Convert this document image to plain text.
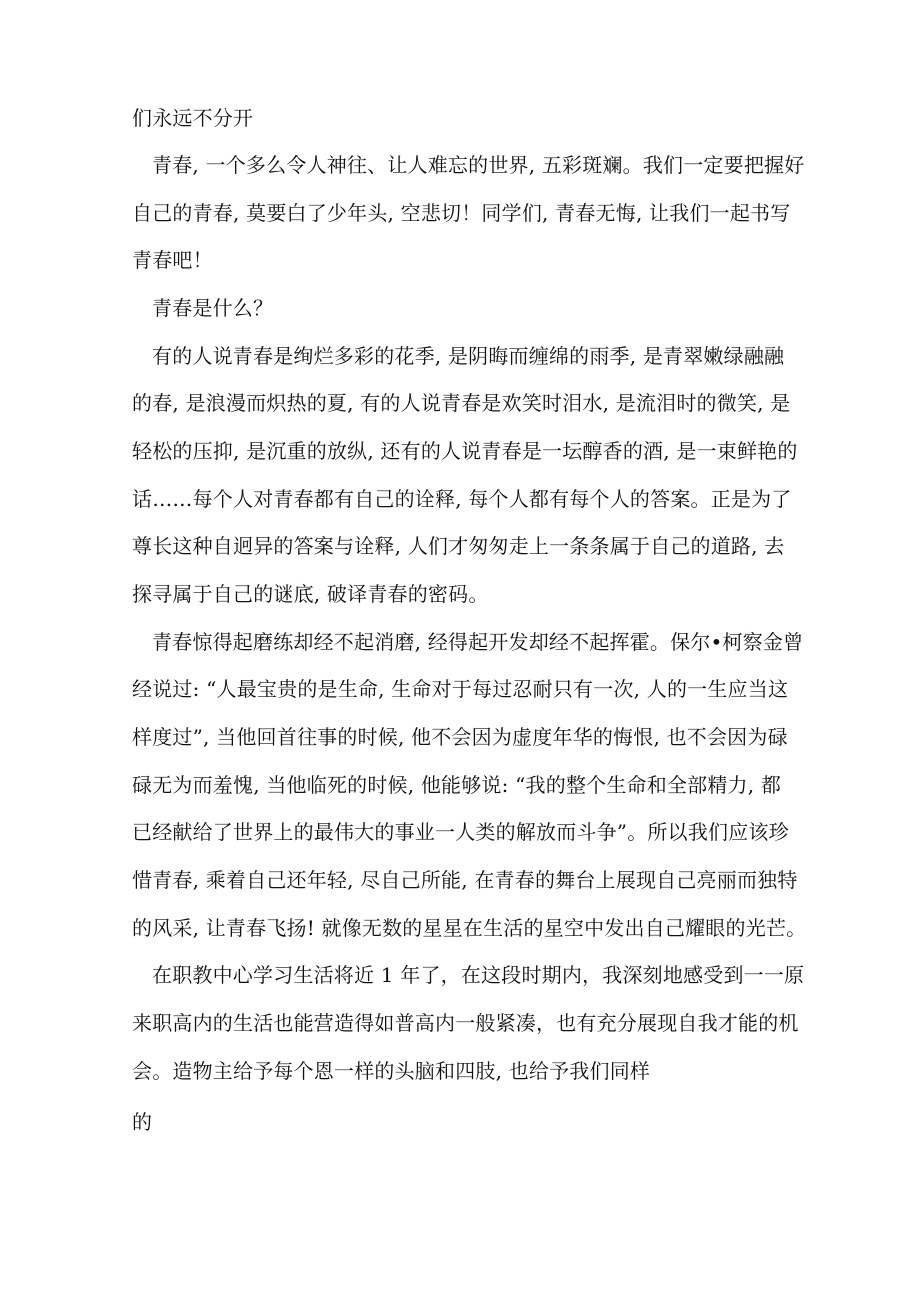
们永远不分开
青春, 一个多么令人神往、让人难忘的世界, 五彩斑斓。我们一定要把握好
自己的青春, 莫要白了少年头, 空悲切！同学们, 青春无悔, 让我们一起书写
青春吧！
青春是什么？
有的人说青春是绚烂多彩的花季, 是阴晦而缠绵的雨季, 是青翠嫩绿融融
的春, 是浪漫而炽热的夏, 有的人说青春是欢笑时泪水, 是流泪时的微笑, 是
轻松的压抑, 是沉重的放纵, 还有的人说青春是一坛醇香的酒, 是一束鲜艳的
话……每个人对青春都有自己的诠释, 每个人都有每个人的答案。正是为了
尊长这种自迥异的答案与诠释, 人们才匆匆走上一条条属于自己的道路, 去
探寻属于自己的谜底, 破译青春的密码。
青春惊得起磨练却经不起消磨, 经得起开发却经不起挥霍。保尔•柯察金曾
经说过: “人最宝贵的是生命, 生命对于每过忍耐只有一次, 人的一生应当这
样度过”, 当他回首往事的时候, 他不会因为虚度年华的悔恨, 也不会因为碌
碌无为而羞愧, 当他临死的时候, 他能够说: “我的整个生命和全部精力, 都
已经献给了世界上的最伟大的事业一人类的解放而斗争”。所以我们应该珍
惜青春, 乘着自己还年轻, 尽自己所能, 在青春的舞台上展现自己亮丽而独特
的风采, 让青春飞扬! 就像无数的星星在生活的星空中发出自己耀眼的光芒。
在职教中心学习生活将近 1 年了，在这段时期内，我深刻地感受到一一原
来职高内的生活也能营造得如普高内一般紧凑，也有充分展现自我才能的机
会。造物主给予每个恩一样的头脑和四肢, 也给予我们同样
的
